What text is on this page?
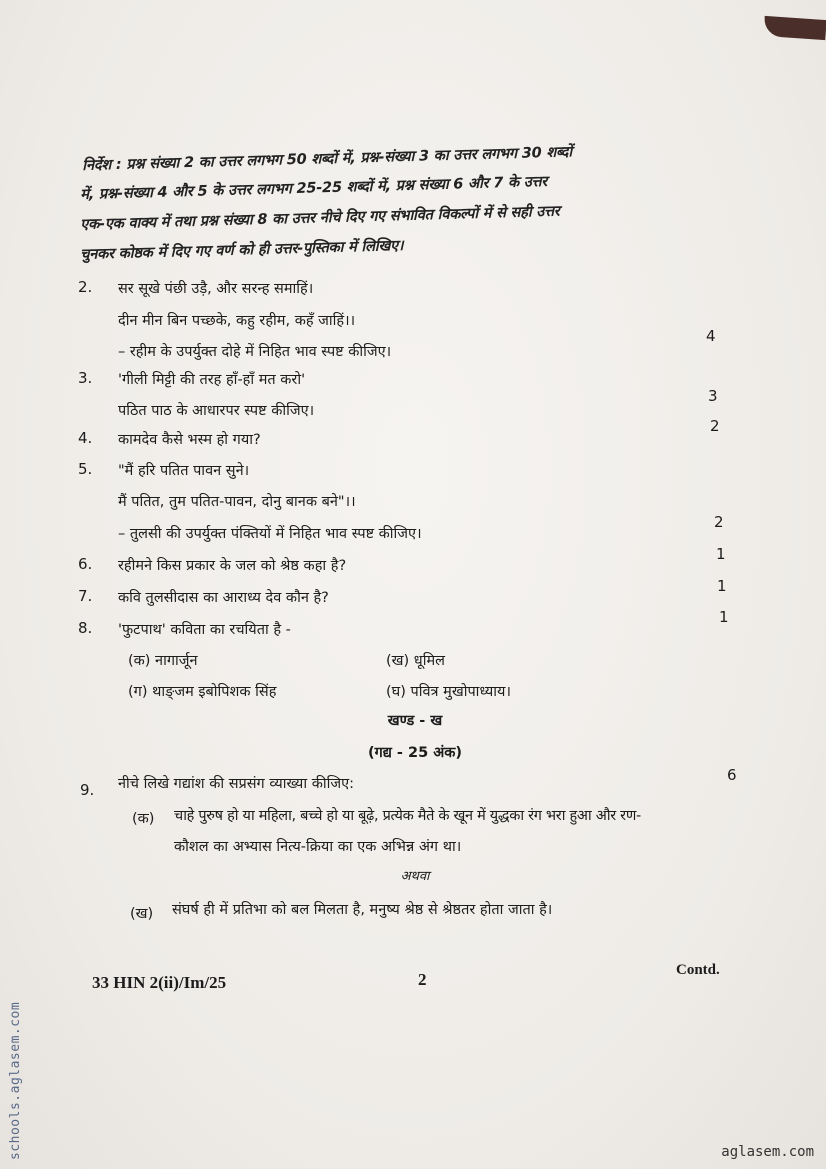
निर्देश : प्रश्न संख्या 2 का उत्तर लगभग 50 शब्दों में, प्रश्न-संख्या 3 का उत्तर लगभग 30 शब्दों
में, प्रश्न-संख्या 4 और 5 के उत्तर लगभग 25-25 शब्दों में, प्रश्न संख्या 6 और 7 के उत्तर
एक-एक वाक्य में तथा प्रश्न संख्या 8 का उत्तर नीचे दिए गए संभावित विकल्पों में से सही उत्तर
चुनकर कोष्ठक में दिए गए वर्ण को ही उत्तर-पुस्तिका में लिखिए।
2. सर सूखे पंछी उड़ै, और सरन्ह समाहिं।
दीन मीन बिन पच्छके, कहु रहीम, कहँ जाहिं।।
– रहीम के उपर्युक्त दोहे में निहित भाव स्पष्ट कीजिए।
4
3. 'गीली मिट्टी की तरह हाँ-हाँ मत करो'
पठित पाठ के आधारपर स्पष्ट कीजिए।
3
4. कामदेव कैसे भस्म हो गया?
2
5. "मैं हरि पतित पावन सुने।
मैं पतित, तुम पतित-पावन, दोनु बानक बने"।।
– तुलसी की उपर्युक्त पंक्तियों में निहित भाव स्पष्ट कीजिए।
2
6. रहीमने किस प्रकार के जल को श्रेष्ठ कहा है?
1
7. कवि तुलसीदास का आराध्य देव कौन है?
1
8. 'फुटपाथ' कविता का रचयिता है -
1
(क) नागार्जून	(ख) धूमिल
(ग) थाङ्जम इबोपिशक सिंह	(घ) पवित्र मुखोपाध्याय।
खण्ड - ख
(गद्य - 25 अंक)
9. नीचे लिखे गद्यांश की सप्रसंग व्याख्या कीजिए:	6
(क) चाहे पुरुष हो या महिला, बच्चे हो या बूढ़े, प्रत्येक मैते के खून में युद्धका रंग भरा हुआ और रण-
कौशल का अभ्यास नित्य-क्रिया का एक अभिन्न अंग था।
अथवा
(ख) संघर्ष ही में प्रतिभा को बल मिलता है, मनुष्य श्रेष्ठ से श्रेष्ठतर होता जाता है।
33 HIN 2(ii)/Im/25	2	Contd.
schools.aglasem.com	aglasem.com
